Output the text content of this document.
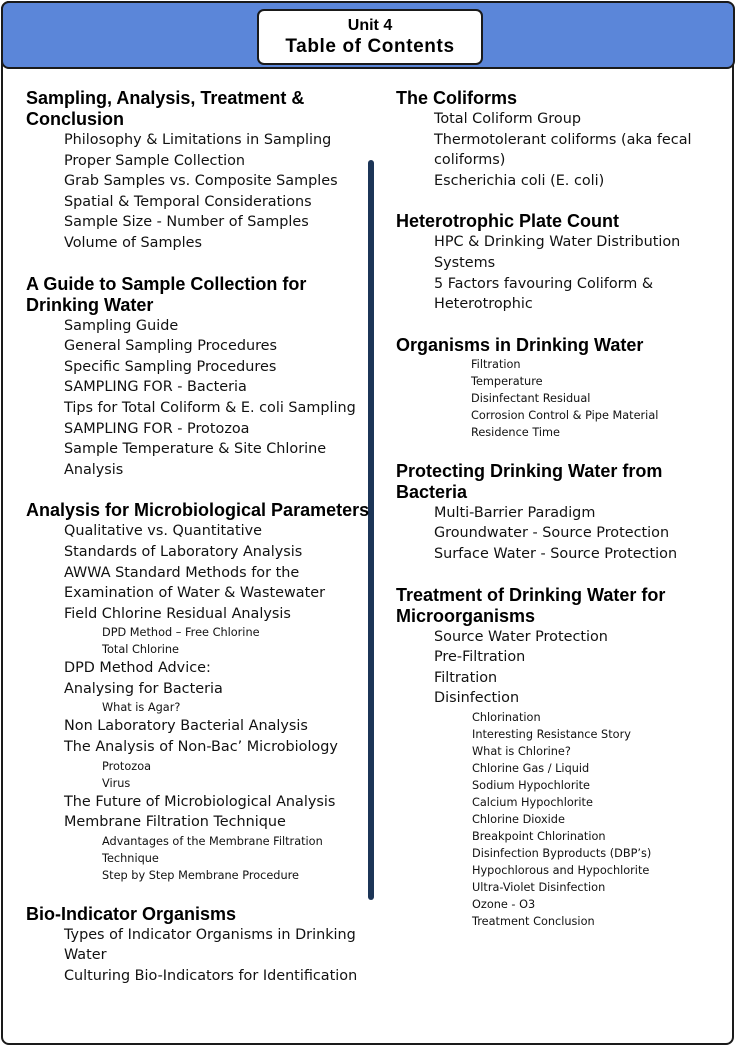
Unit 4
Table of Contents
Sampling, Analysis, Treatment & Conclusion
Philosophy & Limitations in Sampling
Proper Sample Collection
Grab Samples vs. Composite Samples
Spatial & Temporal Considerations
Sample Size - Number of Samples
Volume of Samples
A Guide to Sample Collection for Drinking Water
Sampling Guide
General Sampling Procedures
Specific Sampling Procedures
SAMPLING FOR - Bacteria
Tips for Total Coliform & E. coli Sampling
SAMPLING FOR - Protozoa
Sample Temperature & Site Chlorine Analysis
Analysis for Microbiological Parameters
Qualitative vs. Quantitative
Standards of Laboratory Analysis
AWWA Standard Methods for the Examination of Water & Wastewater
Field Chlorine Residual Analysis
DPD Method – Free Chlorine
Total Chlorine
DPD Method Advice:
Analysing for Bacteria
What is Agar?
Non Laboratory Bacterial Analysis
The Analysis of Non-Bac’ Microbiology
Protozoa
Virus
The Future of Microbiological Analysis
Membrane Filtration Technique
Advantages of the Membrane Filtration Technique
Step by Step Membrane Procedure
Bio-Indicator Organisms
Types of Indicator Organisms in Drinking Water
Culturing Bio-Indicators for Identification
The Coliforms
Total Coliform Group
Thermotolerant coliforms (aka fecal coliforms)
Escherichia coli (E. coli)
Heterotrophic Plate Count
HPC & Drinking Water Distribution Systems
5 Factors favouring Coliform & Heterotrophic
Organisms in Drinking Water
Filtration
Temperature
Disinfectant Residual
Corrosion Control & Pipe Material
Residence Time
Protecting Drinking Water from Bacteria
Multi-Barrier Paradigm
Groundwater - Source Protection
Surface Water - Source Protection
Treatment of Drinking Water for Microorganisms
Source Water Protection
Pre-Filtration
Filtration
Disinfection
Chlorination
Interesting Resistance Story
What is Chlorine?
Chlorine Gas / Liquid
Sodium Hypochlorite
Calcium Hypochlorite
Chlorine Dioxide
Breakpoint Chlorination
Disinfection Byproducts (DBP’s)
Hypochlorous and Hypochlorite
Ultra-Violet Disinfection
Ozone - O3
Treatment Conclusion
